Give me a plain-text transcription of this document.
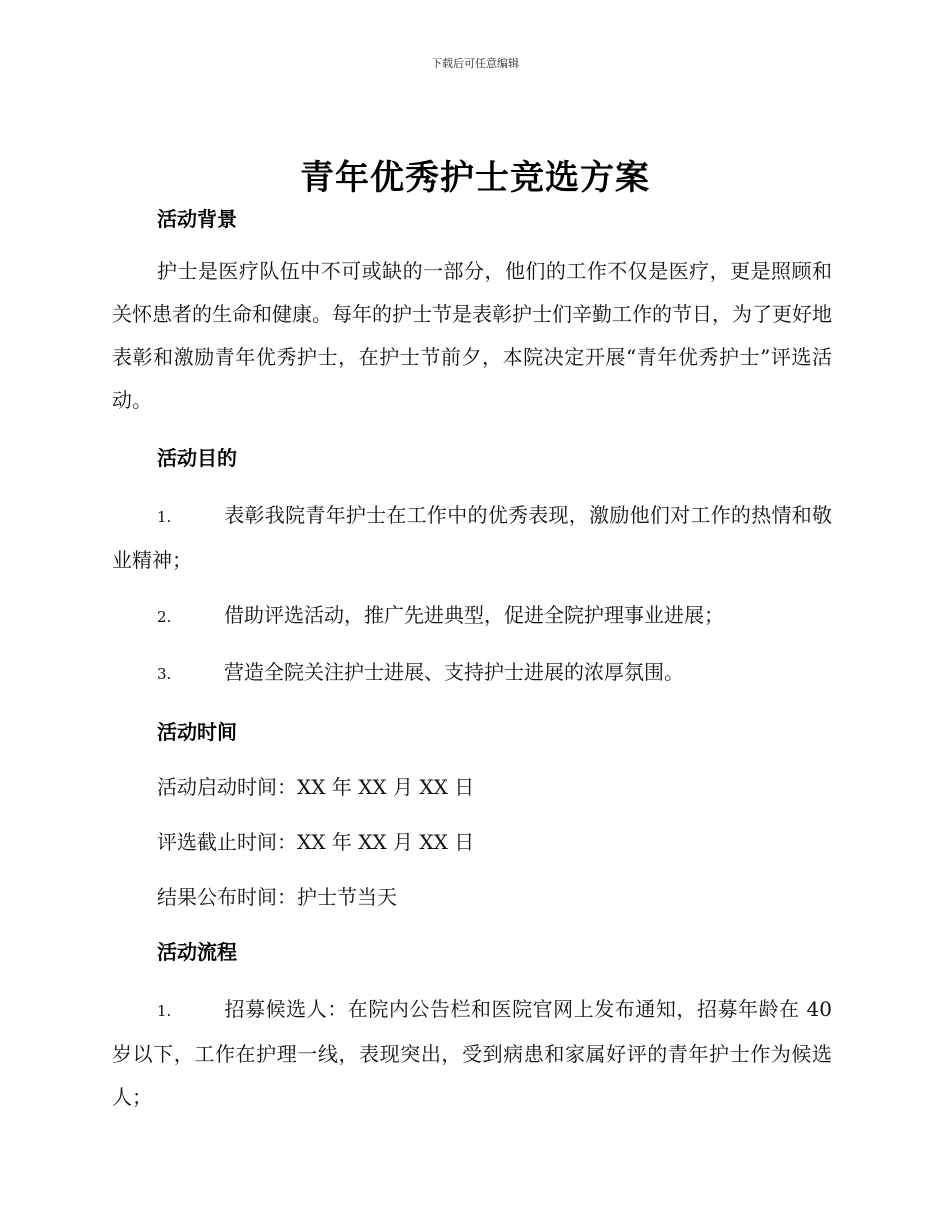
下载后可任意编辑
青年优秀护士竞选方案

活动背景

护士是医疗队伍中不可或缺的一部分，他们的工作不仅是医疗，更是照顾和关怀患者的生命和健康。每年的护士节是表彰护士们辛勤工作的节日，为了更好地表彰和激励青年优秀护士，在护士节前夕，本院决定开展“青年优秀护士”评选活动。

活动目的

1.	表彰我院青年护士在工作中的优秀表现，激励他们对工作的热情和敬业精神；

2.	借助评选活动，推广先进典型，促进全院护理事业进展；

3.	营造全院关注护士进展、支持护士进展的浓厚氛围。

活动时间

活动启动时间：XX 年 XX 月 XX 日

评选截止时间：XX 年 XX 月 XX 日

结果公布时间：护士节当天

活动流程

1.	招募候选人：在院内公告栏和医院官网上发布通知，招募年龄在 40 岁以下，工作在护理一线，表现突出，受到病患和家属好评的青年护士作为候选人；
